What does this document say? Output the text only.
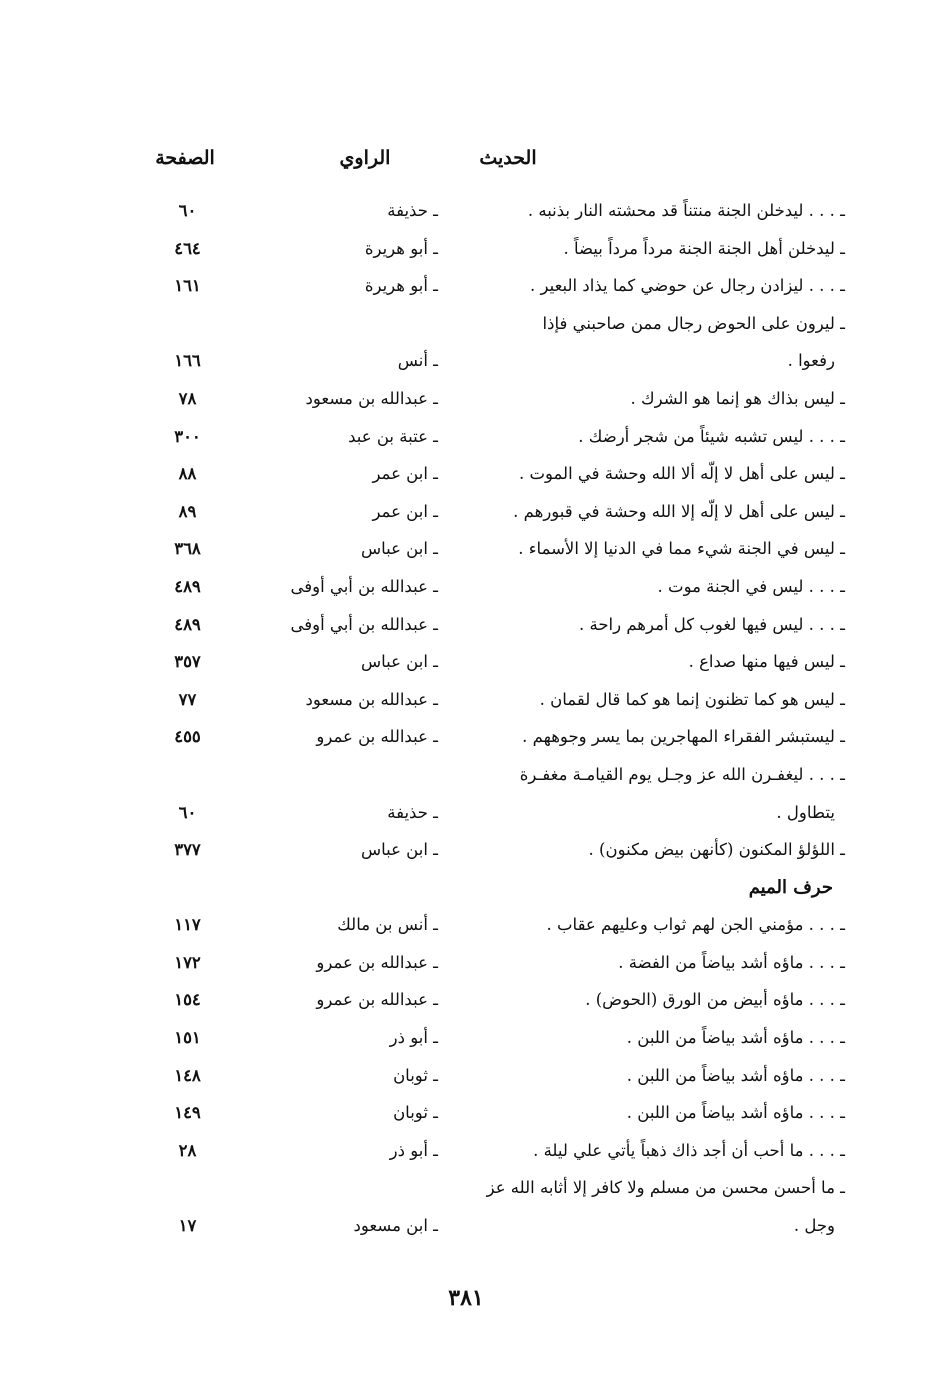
الحديث
الراوي
الصفحة
ـ . . . ليدخلن الجنة منتناً قد محشته النار بذنبه .
ـ حذيفة
٦٠
ـ ليدخلن أهل الجنة الجنة مرداً مرداً بيضاً .
ـ أبو هريرة
٤٦٤
ـ . . . ليزادن رجال عن حوضي كما يذاد البعير .
ـ أبو هريرة
١٦١
ـ ليرون على الحوض رجال ممن صاحبني فإذا
رفعوا .
ـ أنس
١٦٦
ـ ليس بذاك هو إنما هو الشرك .
ـ عبدالله بن مسعود
٧٨
ـ . . . ليس تشبه شيئاً من شجر أرضك .
ـ عتبة بن عبد
٣٠٠
ـ ليس على أهل لا إلّه ألا الله وحشة في الموت .
ـ ابن عمر
٨٨
ـ ليس على أهل لا إلّه إلا الله وحشة في قبورهم .
ـ ابن عمر
٨٩
ـ ليس في الجنة شيء مما في الدنيا إلا الأسماء .
ـ ابن عباس
٣٦٨
ـ . . . ليس في الجنة موت .
ـ عبدالله بن أبي أوفى
٤٨٩
ـ . . . ليس فيها لغوب كل أمرهم راحة .
ـ عبدالله بن أبي أوفى
٤٨٩
ـ ليس فيها منها صداع .
ـ ابن عباس
٣٥٧
ـ ليس هو كما تظنون إنما هو كما قال لقمان .
ـ عبدالله بن مسعود
٧٧
ـ ليستبشر الفقراء المهاجرين بما يسر وجوههم .
ـ عبدالله بن عمرو
٤٥٥
ـ . . . ليغفـرن الله عز وجـل يوم القيامـة مغفـرة
يتطاول .
ـ حذيفة
٦٠
ـ اللؤلؤ المكنون (كأنهن بيض مكنون) .
ـ ابن عباس
٣٧٧
حرف الميم
ـ . . . مؤمني الجن لهم ثواب وعليهم عقاب .
ـ أنس بن مالك
١١٧
ـ . . . ماؤه أشد بياضاً من الفضة .
ـ عبدالله بن عمرو
١٧٢
ـ . . . ماؤه أبيض من الورق (الحوض) .
ـ عبدالله بن عمرو
١٥٤
ـ . . . ماؤه أشد بياضاً من اللبن .
ـ أبو ذر
١٥١
ـ . . . ماؤه أشد بياضاً من اللبن .
ـ ثوبان
١٤٨
ـ . . . ماؤه أشد بياضاً من اللبن .
ـ ثوبان
١٤٩
ـ . . . ما أحب أن أجد ذاك ذهباً يأتي علي ليلة .
ـ أبو ذر
٢٨
ـ ما أحسن محسن من مسلم ولا كافر إلا أثابه الله عز
وجل .
ـ ابن مسعود
١٧
٣٨١
